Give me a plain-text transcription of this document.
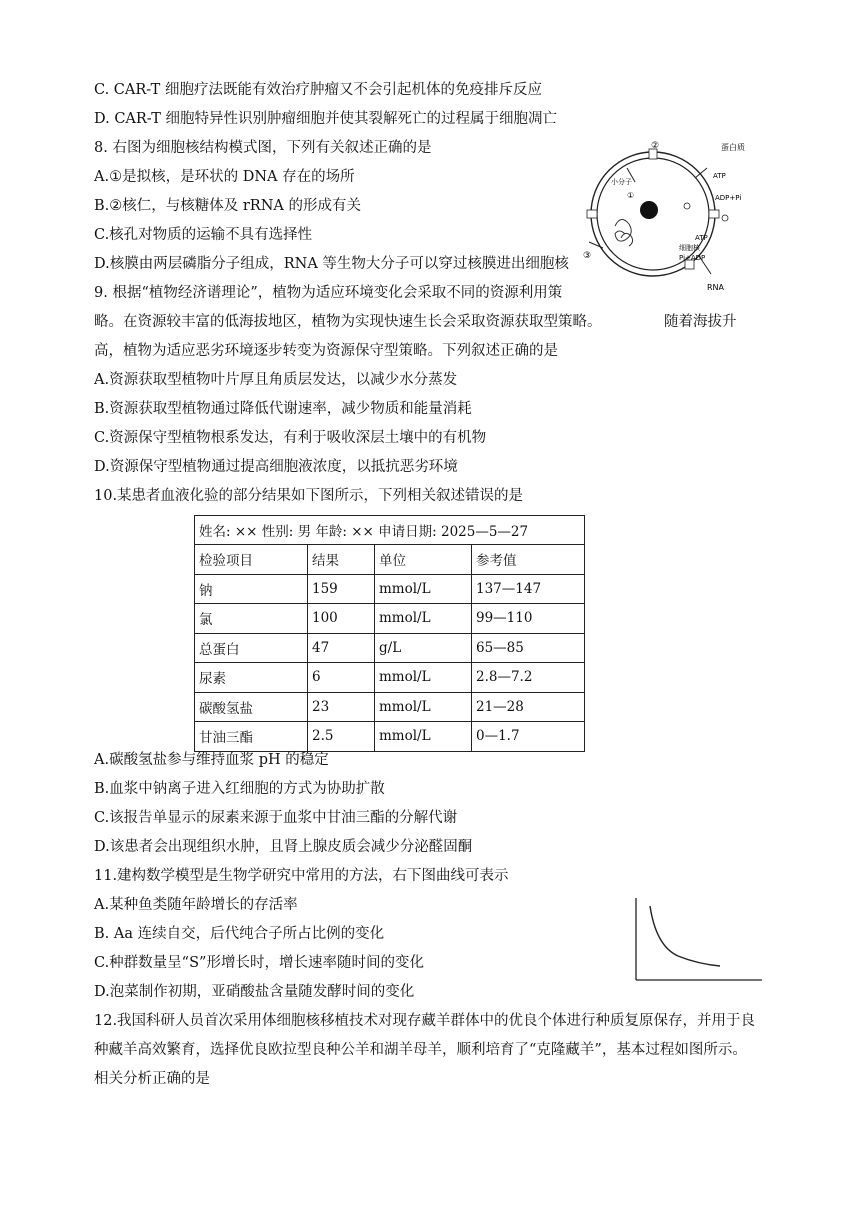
C. CAR-T 细胞疗法既能有效治疗肿瘤又不会引起机体的免疫排斥反应
D. CAR-T 细胞特异性识别肿瘤细胞并使其裂解死亡的过程属于细胞凋亡
8. 右图为细胞核结构模式图，下列有关叙述正确的是
A.①是拟核，是环状的 DNA 存在的场所
B.②核仁，与核糖体及 rRNA 的形成有关
C.核孔对物质的运输不具有选择性
D.核膜由两层磷脂分子组成，RNA 等生物大分子可以穿过核膜进出细胞核
9. 根据“植物经济谱理论”，植物为适应环境变化会采取不同的资源利用策
略。在资源较丰富的低海拔地区，植物为实现快速生长会采取资源获取型策略。	随着海拔升
高，植物为适应恶劣环境逐步转变为资源保守型策略。下列叙述正确的是
A.资源获取型植物叶片厚且角质层发达，以减少水分蒸发
B.资源获取型植物通过降低代谢速率，减少物质和能量消耗
C.资源保守型植物根系发达，有利于吸收深层土壤中的有机物
D.资源保守型植物通过提高细胞液浓度，以抵抗恶劣环境
10.某患者血液化验的部分结果如下图所示，下列相关叙述错误的是
姓名: ×× 性别: 男 年龄: ×× 申请日期: 2025—5—27			
检验项目	结果	单位	参考值
钠	159	mmol/L	137—147
氯	100	mmol/L	99—110
总蛋白	47	g/L	65—85
尿素	6	mmol/L	2.8—7.2
碳酸氢盐	23	mmol/L	21—28
甘油三酯	2.5	mmol/L	0—1.7
A.碳酸氢盐参与维持血浆 pH 的稳定
B.血浆中钠离子进入红细胞的方式为协助扩散
C.该报告单显示的尿素来源于血浆中甘油三酯的分解代谢
D.该患者会出现组织水肿，且肾上腺皮质会减少分泌醛固酮
11.建构数学模型是生物学研究中常用的方法，右下图曲线可表示
A.某种鱼类随年龄增长的存活率
B. Aa 连续自交，后代纯合子所占比例的变化
C.种群数量呈“S”形增长时，增长速率随时间的变化
D.泡菜制作初期，亚硝酸盐含量随发酵时间的变化
12.我国科研人员首次采用体细胞核移植技术对现存藏羊群体中的优良个体进行种质复原保存，并用于良
种藏羊高效繁育，选择优良欧拉型良种公羊和湖羊母羊，顺利培育了“克隆藏羊”，基本过程如图所示。
相关分析正确的是
②
③
①
蛋白质
ATP
ADP+Pi
ATP
小分子
细胞核
Pi+ADP
RNA
